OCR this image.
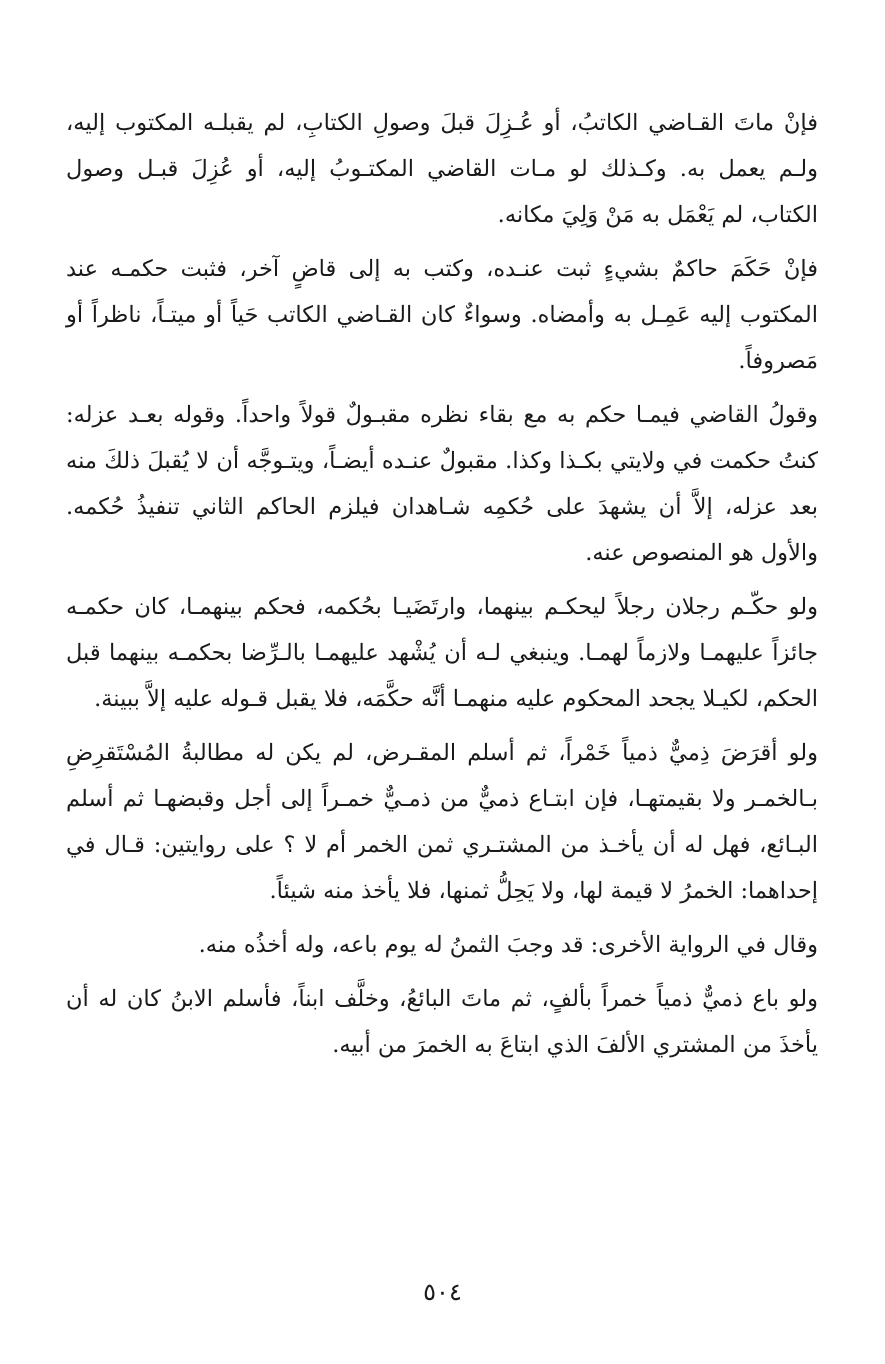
فإنْ ماتَ القـاضي الكاتبُ، أو عُـزِلَ قبلَ وصولِ الكتابِ، لم يقبلـه المكتوب إليه، ولـم يعمل به. وكـذلك لو مـات القاضي المكتـوبُ إليه، أو عُزِلَ قبـل وصول الكتاب، لم يَعْمَل به مَنْ وَلِيَ مكانه.

فإنْ حَكَمَ حاكمٌ بشيءٍ ثبت عنـده، وكتب به إلى قاضٍ آخر، فثبت حكمـه عند المكتوب إليه عَمِـل به وأمضاه. وسواءٌ كان القـاضي الكاتب حَياً أو ميتـاً، ناظراً أو مَصروفاً.

وقولُ القاضي فيمـا حكم به مع بقاء نظره مقبـولٌ قولاً واحداً. وقوله بعـد عزله: كنتُ حكمت في ولايتي بكـذا وكذا. مقبولٌ عنـده أيضـاً، ويتـوجَّه أن لا يُقبلَ ذلكَ منه بعد عزله، إلاَّ أن يشهدَ على حُكمِه شـاهدان فيلزم الحاكم الثاني تنفيذُ حُكمه. والأول هو المنصوص عنه.

ولو حكّـم رجلان رجلاً ليحكـم بينهما، وارتَضَيـا بحُكمه، فحكم بينهمـا، كان حكمـه جائزاً عليهمـا ولازماً لهمـا. وينبغي لـه أن يُشْهد عليهمـا بالـرِّضا بحكمـه بينهما قبل الحكم، لكيـلا يجحد المحكوم عليه منهمـا أنَّه حكَّمَه، فلا يقبل قـوله عليه إلاَّ ببينة.

ولو أقرَضَ ذِميٌّ ذمياً خَمْراً، ثم أسلم المقـرض، لم يكن له مطالبةُ المُسْتَقرِضِ بـالخمـر ولا بقيمتهـا، فإن ابتـاع ذميٌّ من ذمـيٌّ خمـراً إلى أجل وقبضهـا ثم أسلم البـائع، فهل له أن يأخـذ من المشتـري ثمن الخمر أم لا ؟ على روايتين: قـال في إحداهما: الخمرُ لا قيمة لها، ولا يَحِلُّ ثمنها، فلا يأخذ منه شيئاً.

وقال في الرواية الأخرى: قد وجبَ الثمنُ له يوم باعه، وله أخذُه منه.

ولو باع ذميٌّ ذمياً خمراً بألفٍ، ثم ماتَ البائعُ، وخلَّف ابناً، فأسلم الابنُ كان له أن يأخذَ من المشتري الألفَ الذي ابتاعَ به الخمرَ من أبيه.

٥٠٤
